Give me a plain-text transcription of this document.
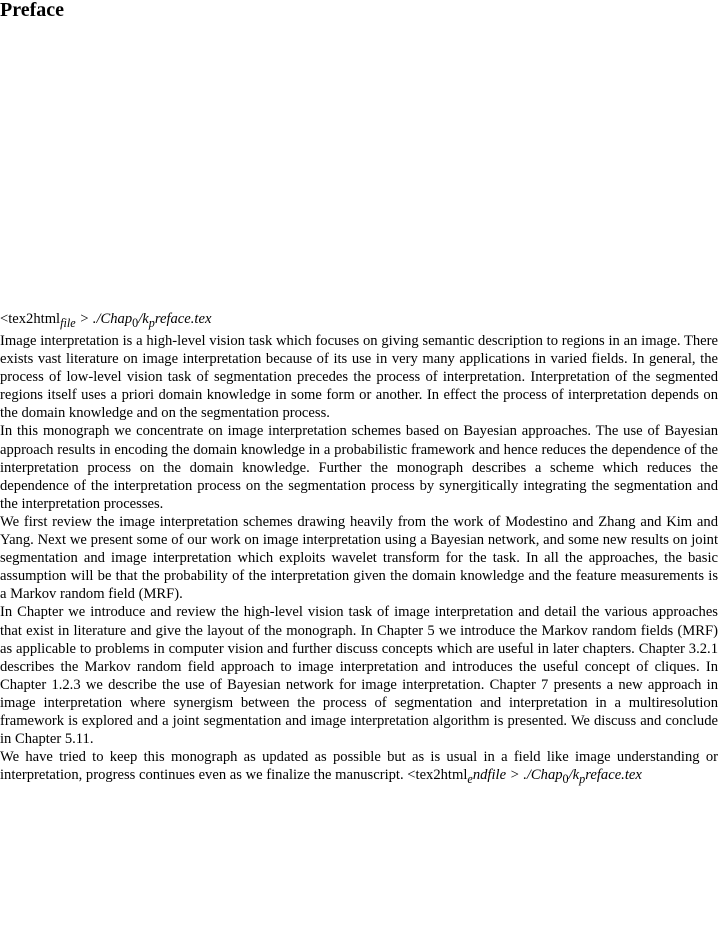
Preface

<tex2html$_{file}$ > $./Chap_0/k_preface.tex$

Image interpretation is a high-level vision task which focuses on giving semantic description to regions in an image. There exists vast literature on image interpretation because of its use in very many applications in varied fields. In general, the process of low-level vision task of segmentation precedes the process of interpretation. Interpretation of the segmented regions itself uses a priori domain knowledge in some form or another. In effect the process of interpretation depends on the domain knowledge and on the segmentation process.

In this monograph we concentrate on image interpretation schemes based on Bayesian approaches. The use of Bayesian approach results in encoding the domain knowledge in a probabilistic framework and hence reduces the dependence of the interpretation process on the domain knowledge. Further the monograph describes a scheme which reduces the dependence of the interpretation process on the segmentation process by synergitically integrating the segmentation and the interpretation processes.

We first review the image interpretation schemes drawing heavily from the work of Modestino and Zhang and Kim and Yang. Next we present some of our work on image interpretation using a Bayesian network, and some new results on joint segmentation and image interpretation which exploits wavelet transform for the task. In all the approaches, the basic assumption will be that the probability of the interpretation given the domain knowledge and the feature measurements is a Markov random field (MRF).

In Chapter we introduce and review the high-level vision task of image interpretation and detail the various approaches that exist in literature and give the layout of the monograph. In Chapter 5 we introduce the Markov random fields (MRF) as applicable to problems in computer vision and further discuss concepts which are useful in later chapters. Chapter 3.2.1 describes the Markov random field approach to image interpretation and introduces the useful concept of cliques. In Chapter 1.2.3 we describe the use of Bayesian network for image interpretation. Chapter 7 presents a new approach in image interpretation where synergism between the process of segmentation and interpretation in a multiresolution framework is explored and a joint segmentation and image interpretation algorithm is presented. We discuss and conclude in Chapter 5.11.

We have tried to keep this monograph as updated as possible but as is usual in a field like image understanding or interpretation, progress continues even as we finalize the manuscript. <tex2html$_e$ndfile > $./Chap_0/k_preface.tex$
